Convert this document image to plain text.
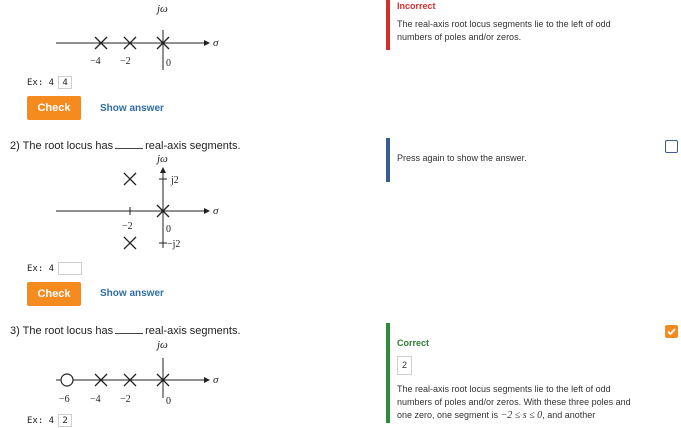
jω
σ
−4 −2	0
Ex: 4 4
Check	Show answer
Incorrect
The real-axis root locus segments lie to the left of odd numbers of poles and/or zeros.
2) The root locus has	real-axis segments.
jω
σ
−2	0
j2
−j2
Ex: 4
Check	Show answer
Press again to show the answer.
3) The root locus has	real-axis segments.
jω
σ
−6 −4 −2	0
Ex: 4 2
Correct
2
The real-axis root locus segments lie to the left of odd numbers of poles and/or zeros. With these three poles and one zero, one segment is −2 ≤ s ≤ 0, and another
